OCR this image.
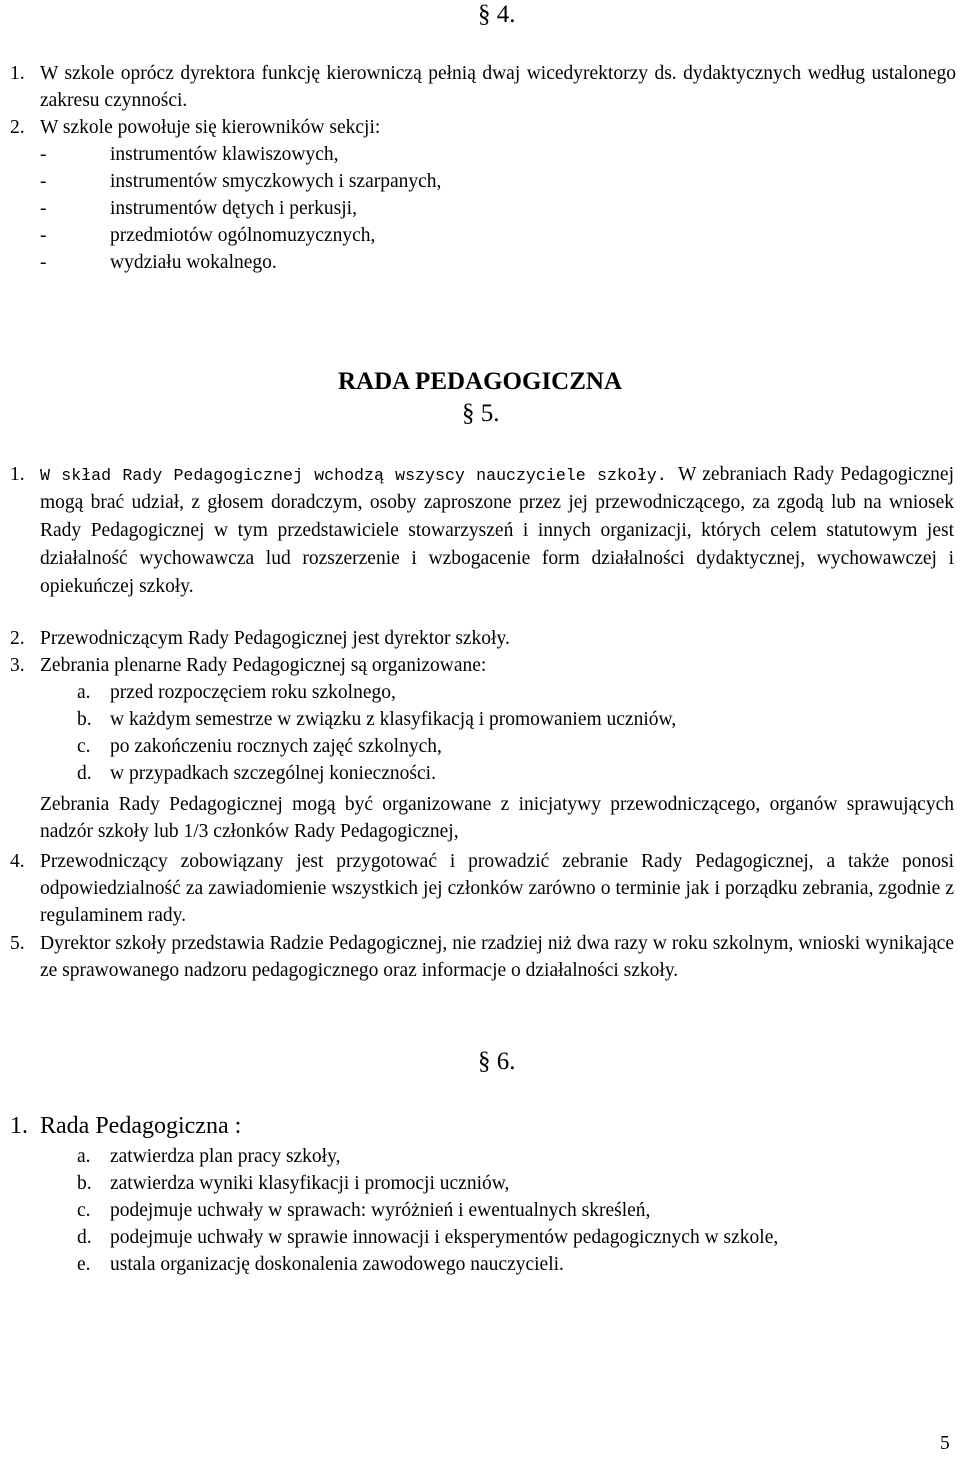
§ 4.
1. W szkole oprócz dyrektora funkcję kierowniczą pełnią dwaj wicedyrektorzy ds. dydaktycznych według ustalonego zakresu czynności.
2. W szkole powołuje się kierowników sekcji:
-	instrumentów klawiszowych,
-	instrumentów smyczkowych i szarpanych,
-	instrumentów dętych i perkusji,
-	przedmiotów ogólnomuzycznych,
-	wydziału wokalnego.
RADA PEDAGOGICZNA
§ 5.
1. W skład Rady Pedagogicznej wchodzą wszyscy nauczyciele szkoły. W zebraniach Rady Pedagogicznej mogą brać udział, z głosem doradczym, osoby zaproszone przez jej przewodniczącego, za zgodą lub na wniosek Rady Pedagogicznej w tym przedstawiciele stowarzyszeń i innych organizacji, których celem statutowym jest działalność wychowawcza lud rozszerzenie i wzbogacenie form działalności dydaktycznej, wychowawczej i opiekuńczej szkoły.
2. Przewodniczącym Rady Pedagogicznej jest dyrektor szkoły.
3. Zebrania plenarne Rady Pedagogicznej są organizowane:
a. przed rozpoczęciem roku szkolnego,
b. w każdym semestrze w związku z klasyfikacją i promowaniem uczniów,
c. po zakończeniu rocznych zajęć szkolnych,
d. w przypadkach szczególnej konieczności.
Zebrania Rady Pedagogicznej mogą być organizowane z inicjatywy przewodniczącego, organów sprawujących nadzór szkoły lub 1/3 członków Rady Pedagogicznej,
4. Przewodniczący zobowiązany jest przygotować i prowadzić zebranie Rady Pedagogicznej, a także ponosi odpowiedzialność za zawiadomienie wszystkich jej członków zarówno o terminie jak i porządku zebrania, zgodnie z regulaminem rady.
5. Dyrektor szkoły przedstawia Radzie Pedagogicznej, nie rzadziej niż dwa razy w roku szkolnym, wnioski wynikające ze sprawowanego nadzoru pedagogicznego oraz informacje o działalności szkoły.
§ 6.
1. Rada Pedagogiczna :
a. zatwierdza plan pracy szkoły,
b. zatwierdza wyniki klasyfikacji i promocji uczniów,
c. podejmuje uchwały w sprawach: wyróżnień i ewentualnych skreśleń,
d. podejmuje uchwały w sprawie innowacji i eksperymentów pedagogicznych w szkole,
e. ustala organizację doskonalenia zawodowego nauczycieli.
5
